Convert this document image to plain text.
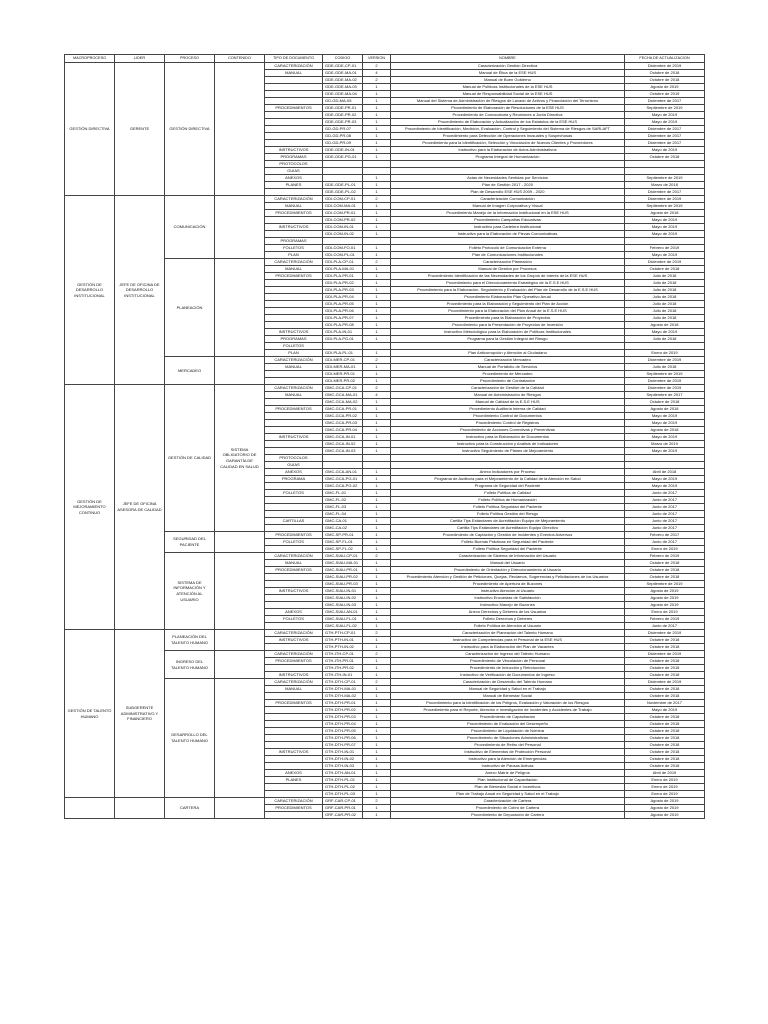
MACROPROCESO	LIDER	PROCESO	CONTENIDO	TIPO DE DOCUMENTO	CODIGO	VERSION	NOMBRE	FECHA DE ACTUALIZACION
GESTIÓN DIRECTIVA	GERENTE	GESTIÓN DIRECTIVA		CARACTERIZACIÓN	GDE-GDE-CP-01	2	Caracterización Gestión Directiva	Diciembre de 2019
				MANUAL	GDE-GDE-MA-01	4	Manual de Ética de la ESE HUS	Octubre de 2018
					GDE-GDE-MA-02	2	Manual de Buen Gobierno	Octubre de 2018
					GDE-GDE-MA-03	1	Manual de Políticas Institucionales de la ESE HUS	Agosto de 2019
					GDE-GDE-MA-04	1	Manual de Responsabilidad Social de la ESE HUS	Octubre de 2019
					GD-GD-MA-05	1	Manual del Sistema de Administración de Riesgos de Lavado de Activos y Financiación del Terrorismo	Diciembre de 2017
				PROCEDIMIENTOS	GDE-GDE-PR-01	1	Procedimiento de Elaboración de Resoluciones de la ESE HUS	Septiembre de 2019
					GDE-GDE-PR-02	1	Procedimiento de Convocatoria y Reuniones a Junta Directiva	Mayo de 2019
					GDE-GDE-PR-03	1	Procedimiento de Elaboración y Actualización de los Estatutos de la ESE HUS	Mayo de 2019
					GD-GD-PR-07	1	Procedimiento de Identificación, Medición, Evaluación, Control y Seguimiento del Sistema de Riesgos de SARLAFT	Diciembre de 2017
					GD-GD-PR-08	1	Procedimiento para Detección de Operaciones Inusuales y Sospechosas	Diciembre de 2017
					GD-GD-PR-09	1	Procedimiento para la Identificación, Selección y Vinculación de Nuevos Clientes y Proveedores	Diciembre de 2017
				INSTRUCTIVOS	GDE-GDE-IN-01	1	Instructivo para la Elaboración de Actos Administrativos	Mayo de 2019
				PROGRAMAS	GDE-GDE-PG-01	1	Programa Integral de Humanización	Octubre de 2018
				PROTOCOLOS				
				GUIAS				
				ANEXOS		1	Actas de Necesidades Sentidas por Servicios	Septiembre de 2019
				PLANES	GDE-GDE-PL-01	1	Plan de Gestión 2017 - 2020	Marzo de 2018
					GDE-GDE-PL-02	1	Plan de Desarrollo ESE HUS 2009 - 2020	Diciembre de 2017
GESTIÓN DE DESARROLLO INSTITUCIONAL	JEFE DE OFICINA DE DESARROLLO INSTITUCIONAL	COMUNICACIÓN		CARACTERIZACIÓN	GDI-COM-CP-01	2	Caracterización Comunicación	Diciembre de 2019
				MANUAL	GDI-COM-MA-01	1	Manual de Imagen Corporativa y Visual	Septiembre de 2019
				PROCEDIMIENTOS	GDI-COM-PR-01	1	Procedimiento Manejo de la Información Institucional en la ESE HUS	Agosto de 2018
					GDI-COM-PR-02	1	Procedimiento Campañas Educativas	Mayo de 2019
				INSTRUCTIVOS	GDI-COM-IN-01	1	Instructivo para Cartelera Institucional	Mayo de 2019
					GDI-COM-IN-02	1	Instructivo para la Elaboración de Piezas Comunicativas	Mayo de 2019
				PROGRAMAS				
				FOLLETOS	GDI-COM-FO-01	1	Folleto Protocolo de Comunicación Externa	Febrero de 2019
				PLAN	GDI-COM-PL-01	1	Plan de Comunicaciones Institucionales	Mayo de 2019
		PLANEACIÓN		CARACTERIZACIÓN	GDI-PLA-CP-01	2	Caracterización Planeación	Diciembre de 2019
				MANUAL	GDI-PLA-MA-01	1	Manual de Gestión por Procesos	Octubre de 2018
				PROCEDIMIENTOS	GDI-PLA-PR-01	1	Procedimiento Identificación de las Necesidades de los Grupos de Interés de la ESE HUS	Julio de 2018
					GDI-PLA-PR-02	1	Procedimiento para el Direccionamiento Estratégico de la E.S.E HUS	Julio de 2018
					GDI-PLA-PR-03	1	Procedimiento para la Elaboración, Seguimiento y Evaluación del Plan de Desarrollo de la E.S.E HUS	Julio de 2018
					GDI-PLA-PR-04	1	Procedimiento Elaboración Plan Operativo Anual	Julio de 2018
					GDI-PLA-PR-05	1	Procedimiento para la Elaboración y Seguimiento del Plan de Acción	Julio de 2018
					GDI-PLA-PR-06	1	Procedimiento para la Elaboración del Plan Anual de la E.S.E HUS	Julio de 2018
					GDI-PLA-PR-07	1	Procedimiento para la Elaboración de Proyectos	Julio de 2018
					GDI-PLA-PR-08	1	Procedimiento para la Presentación de Proyectos de Inversión	Agosto de 2018
				INSTRUCTIVOS	GDI-PLA-IN-01	1	Instructivo Metodológico para la Elaboración de Políticas Institucionales	Mayo de 2019
				PROGRAMAS	GDI-PLA-PG-01	1	Programa para la Gestión Integral del Riesgo	Julio de 2018
				FOLLETOS				
				PLAN	GDI-PLA-PL-01	1	Plan Anticorrupción y Atención al Ciudadano	Enero de 2019
		MERCADEO		CARACTERIZACIÓN	GDI-MER-CP-01	2	Caracterización Mercadeo	Diciembre de 2019
				MANUAL	GDI-MER-MA-01	1	Manual de Portafolio de Servicios	Julio de 2018
					GDI-MER-PR-01	1	Procedimiento de Mercadeo	Septiembre de 2019
					GDI-MER-PR-02	1	Procedimiento de Contratación	Diciembre de 2019
GESTIÓN DE MEJORAMIENTO CONTINUO	JEFE DE OFICINA ASESORA DE CALIDAD	GESTIÓN DE CALIDAD	SISTEMA OBLIGATORIO DE GARANTÍA DE CALIDAD EN SALUD	CARACTERIZACIÓN	GMC-GCA-CP-01	2	Caracterización de Gestión de la Calidad	Diciembre de 2019
				MANUAL	GMC-GCA-MA-01	4	Manual de Administración de Riesgos	Septiembre de 2017
					GMC-GCA-MA-02	1	Manual de Calidad de la E.S.E HUS	Octubre de 2018
				PROCEDIMIENTOS	GMC-GCA-PR-01	1	Procedimiento Auditoría Interna de Calidad	Agosto de 2018
					GMC-GCA-PR-02	1	Procedimiento Control de Documentos	Mayo de 2019
					GMC-GCA-PR-03	1	Procedimiento Control de Registros	Mayo de 2019
					GMC-GCA-PR-04	1	Procedimiento de Acciones Correctivas y Preventivas	Agosto de 2018
				INSTRUCTIVOS	GMC-GCA-IN-01	1	Instructivo para la Elaboración de Documentos	Mayo de 2019
					GMC-GCA-IN-02	1	Instructivo para la Construcción y Análisis de Indicadores	Marzo de 2019
					GMC-GCA-IN-03	1	Instructivo Seguimiento de Planes de Mejoramiento	Mayo de 2019
				PROTOCOLOS				
				GUIAS				
				ANEXOS	GMC-GCA-AN-01	1	Anexo Indicadores por Proceso	Abril de 2018
				PROGRAMA	GMC-GCA-PG-01	1	Programa de Auditoría para el Mejoramiento de la Calidad de la Atención en Salud	Mayo de 2019
					GMC-GCA-PG-02	1	Programa de Seguridad del Paciente	Mayo de 2019
				FOLLETOS	GMC-FL-01	1	Folleto Política de Calidad	Junio de 2017
					GMC-FL-02	1	Folleto Política de Humanización	Junio de 2017
					GMC-FL-03	1	Folleto Política Seguridad del Paciente	Junio de 2017
					GMC-FL-04	1	Folleto Política Gestión del Riesgo	Junio de 2017
				CARTILLAS	GMC-CA-01	1	Cartilla Tips Estándares de Acreditación Equipo de Mejoramiento	Junio de 2017
					GMC-CA-02	1	Cartilla Tips Estándares de Acreditación Equipo Directivo	Junio de 2017
		SEGURIDAD DEL PACIENTE		PROCEDIMIENTOS	GMC-SP-PR-01	1	Procedimiento de Captación y Gestión de Incidentes y Eventos Adversos	Febrero de 2017
				FOLLETOS	GMC-SP-FL-01	1	Folleto Buenas Prácticas en Seguridad del Paciente	Junio de 2017
					GMC-SP-FL-02	1	Folleto Política Seguridad del Paciente	Enero de 2019
		SISTEMA DE INFORMACIÓN Y ATENCIÓN AL USUARIO		CARACTERIZACIÓN	GMC-SIAU-CP-01	2	Caracterización de Sistema de Información del Usuario	Febrero de 2019
				MANUAL	GMC-SIAU-MA-01	1	Manual del Usuario	Octubre de 2018
				PROCEDIMIENTOS	GMC-SIAU-PR-01	1	Procedimiento de Orientación y Direccionamiento al Usuario	Octubre de 2018
					GMC-SIAU-PR-02	1	Procedimiento Atención y Gestión de Peticiones, Quejas, Reclamos, Sugerencias y Felicitaciones de los Usuarios	Octubre de 2018
					GMC-SIAU-PR-03	1	Procedimiento de Apertura de Buzones	Septiembre de 2019
				INSTRUCTIVOS	GMC-SIAU-IN-01	1	Instructivo Atención al Usuario	Agosto de 2019
					GMC-SIAU-IN-02	1	Instructivo Encuestas de Satisfacción	Agosto de 2019
					GMC-SIAU-IN-03	1	Instructivo Manejo de Buzones	Agosto de 2019
				ANEXOS	GMC-SIAU-AN-01	1	Anexo Derechos y Deberes de los Usuarios	Enero de 2019
				FOLLETOS	GMC-SIAU-FL-01	1	Folleto Derechos y Deberes	Febrero de 2019
					GMC-SIAU-FL-02	1	Folleto Política de Atención al Usuario	Junio de 2017
GESTIÓN DE TALENTO HUMANO	SUBGERENTE ADMINISTRATIVO Y FINANCIERO	PLANEACIÓN DEL TALENTO HUMANO		CARACTERIZACIÓN	GTH-PTH-CP-01	2	Caracterización de Planeación del Talento Humano	Diciembre de 2019
				INSTRUCTIVOS	GTH-PTH-IN-01	1	Instructivo de Competencias para el Personal de la ESE HUS	Octubre de 2018
					GTH-PTH-IN-02	1	Instructivo para la Elaboración del Plan de Vacantes	Octubre de 2018
		INGRESO DEL TALENTO HUMANO		CARACTERIZACIÓN	GTH-ITH-CP-01	2	Caracterización de Ingreso del Talento Humano	Diciembre de 2019
				PROCEDIMIENTOS	GTH-ITH-PR-01	1	Procedimiento de Vinculación de Personal	Octubre de 2018
					GTH-ITH-PR-02	1	Procedimiento de Inducción y Reinducción	Octubre de 2018
				INSTRUCTIVOS	GTH-ITH-IN-01	1	Instructivo de Verificación de Documentos de Ingreso	Octubre de 2018
		DESARROLLO DEL TALENTO HUMANO		CARACTERIZACIÓN	GTH-DTH-CP-01	2	Caracterización de Desarrollo del Talento Humano	Diciembre de 2019
				MANUAL	GTH-DTH-MA-01	1	Manual de Seguridad y Salud en el Trabajo	Octubre de 2018
					GTH-DTH-MA-02	1	Manual de Bienestar Social	Octubre de 2018
				PROCEDIMIENTOS	GTH-DTH-PR-01	1	Procedimiento para la Identificación de los Peligros, Evaluación y Valoración de los Riesgos	Noviembre de 2017
					GTH-DTH-PR-02	1	Procedimiento para el Reporte, Atención e Investigación de Incidentes y Accidentes de Trabajo	Mayo de 2019
					GTH-DTH-PR-03	1	Procedimiento de Capacitación	Octubre de 2018
					GTH-DTH-PR-04	1	Procedimiento de Evaluación del Desempeño	Octubre de 2018
					GTH-DTH-PR-05	1	Procedimiento de Liquidación de Nómina	Octubre de 2018
					GTH-DTH-PR-06	1	Procedimiento de Situaciones Administrativas	Octubre de 2018
					GTH-DTH-PR-07	1	Procedimiento de Retiro del Personal	Octubre de 2018
				INSTRUCTIVOS	GTH-DTH-IN-01	1	Instructivo de Elementos de Protección Personal	Octubre de 2018
					GTH-DTH-IN-02	1	Instructivo para la Atención de Emergencias	Octubre de 2018
					GTH-DTH-IN-03	1	Instructivo de Pausas Activas	Octubre de 2018
				ANEXOS	GTH-DTH-AN-01	1	Anexo Matriz de Peligros	Abril de 2019
				PLANES	GTH-DTH-PL-01	1	Plan Institucional de Capacitación	Enero de 2019
					GTH-DTH-PL-02	1	Plan de Bienestar Social e Incentivos	Enero de 2019
					GTH-DTH-PL-03	1	Plan de Trabajo Anual en Seguridad y Salud en el Trabajo	Enero de 2019
		CARTERA		CARACTERIZACIÓN	GRF-CAR-CP-01	2	Caracterización de Cartera	Agosto de 2019
				PROCEDIMIENTOS	GRF-CAR-PR-01	1	Procedimiento de Cobro de Cartera	Agosto de 2019
					GRF-CAR-PR-02	1	Procedimiento de Depuración de Cartera	Agosto de 2019
